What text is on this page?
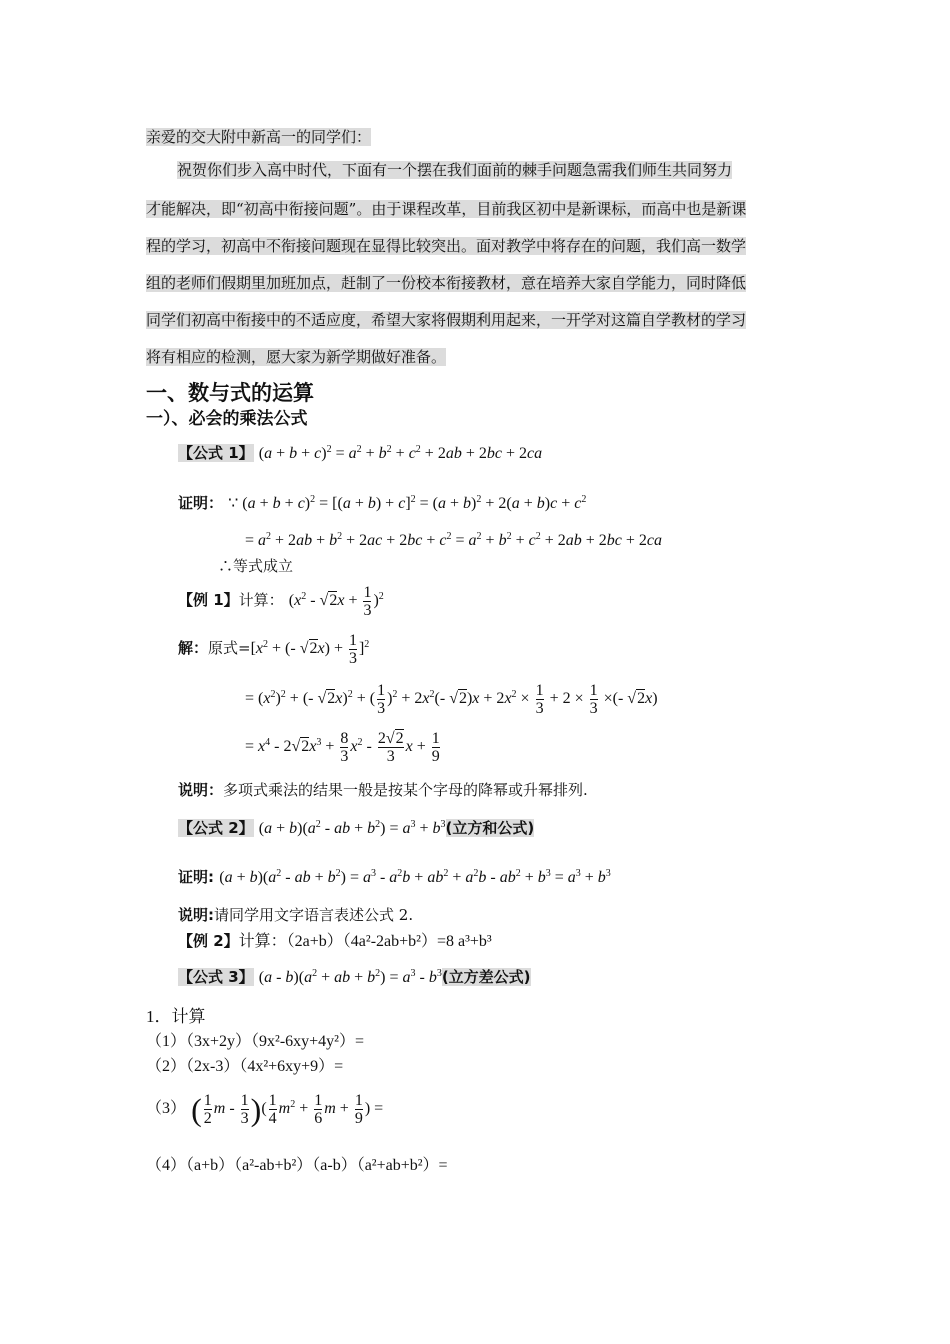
亲爱的交大附中新高一的同学们：
祝贺你们步入高中时代，下面有一个摆在我们面前的棘手问题急需我们师生共同努力
才能解决，即“初高中衔接问题”。由于课程改革，目前我区初中是新课标，而高中也是新课
程的学习，初高中不衔接问题现在显得比较突出。面对教学中将存在的问题，我们高一数学
组的老师们假期里加班加点，赶制了一份校本衔接教材，意在培养大家自学能力，同时降低
同学们初高中衔接中的不适应度，希望大家将假期利用起来，一开学对这篇自学教材的学习
将有相应的检测，愿大家为新学期做好准备。
一、数与式的运算
一）、必会的乘法公式
【公式 1】 $(a + b + c)^2 = a^2 + b^2 + c^2 + 2ab + 2bc + 2ca$
证明： ∵ $(a + b + c)^2 = [(a + b) + c]^2 = (a + b)^2 + 2(a + b)c + c^2$
= $a^2 + 2ab + b^2 + 2ac + 2bc + c^2 = a^2 + b^2 + c^2 + 2ab + 2bc + 2ca$
∴等式成立
【例 1】计算： $(x^2 - √2x + \frac{1}{3} )^2$
解：原式$=[x^2$ + (- $√2x) + \frac{1}{3} ]^2$
= $(x^2)^2$ + (- √2x)$^2$ + ( $\frac{1}{3} )^2 + 2x^2(-$ $√2)x + 2x^2 \times \frac{1}{3} + 2 \times \frac{1}{3}$ ×(- √2x)
= $x^4 - 2√2x^3 + \frac{8}{3} x^2 - \frac{2√2}{3}$ $x + \frac{1}{9}$
说明：多项式乘法的结果一般是按某个字母的降幂或升幂排列.
【公式 2】 $(a + b)(a^2$ - ab + $b^2) = a^3 + b^3$(立方和公式)
证明: $(a + b)(a^2$ - ab + $b^2) = a^3 - a^2b + ab^2 + a^2b - ab^2 + b^3 = a^3 + b^3$
说明:请同学用文字语言表述公式 2.
【例 2】计算：（2a+b）（4a²-2ab+b²）=8 a³+b³
【公式 3】 $(a - b)(a^2$ + ab + $b^2) = a^3 - b^3$(立方差公式)
1．计算
（1）（3x+2y）（9x²-6xy+4y²）=
（2）（2x-3）（4x²+6xy+9）=
（3） ( $\frac{1}{2}$ m - $\frac{1}{3}$ )( $\frac{1}{4} m^2 + \frac{1}{6}$ $m + \frac{1}{9}$ ) =
（4）（a+b）（a²-ab+b²）（a-b）（a²+ab+b²）=
